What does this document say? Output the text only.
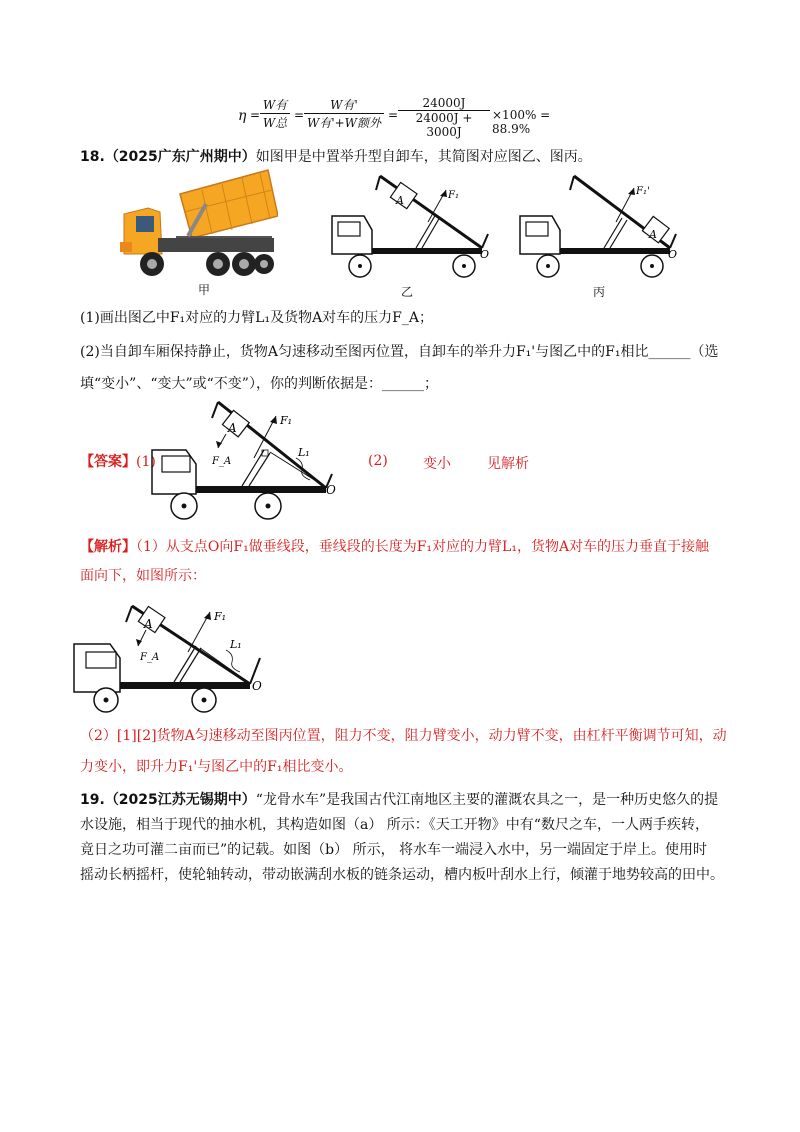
η =
W有
W总
=
W有'
W有'+W额外
= $\frac{24000J}{24000J + 3000J} \times 100\% = 88.9\%$
18.（2025广东广州期中）如图甲是中置举升型自卸车，其简图对应图乙、图丙。
甲
A	F₁
O
乙
A
F₁'
O
丙
(1)画出图乙中F₁对应的力臂L₁及货物A对车的压力F_A；
(2)当自卸车厢保持静止，货物A匀速移动至图丙位置，自卸车的举升力F₁'与图乙中的F₁相比______（选
填“变小”、“变大”或“不变”），你的判断依据是：______；
【答案】(1)
A
F₁
L₁
F_A
O
(2)	变小	见解析
【解析】（1）从支点O向F₁做垂线段，垂线段的长度为F₁对应的力臂L₁，货物A对车的压力垂直于接触
面向下，如图所示：
A
F₁
L₁
F_A
O
（2）[1][2]货物A匀速移动至图丙位置，阻力不变，阻力臂变小，动力臂不变，由杠杆平衡调节可知，动
力变小，即升力F₁'与图乙中的F₁相比变小。
19.（2025江苏无锡期中）“龙骨水车”是我国古代江南地区主要的灌溉农具之一，是一种历史悠久的提
水设施，相当于现代的抽水机，其构造如图（a） 所示：《天工开物》中有“数尺之车，一人两手疾转，
竟日之功可灌二亩而已”的记载。如图（b） 所示， 将水车一端浸入水中，另一端固定于岸上。使用时
摇动长柄摇杆，使轮轴转动，带动嵌满刮水板的链条运动，槽内板叶刮水上行，倾灌于地势较高的田中。
